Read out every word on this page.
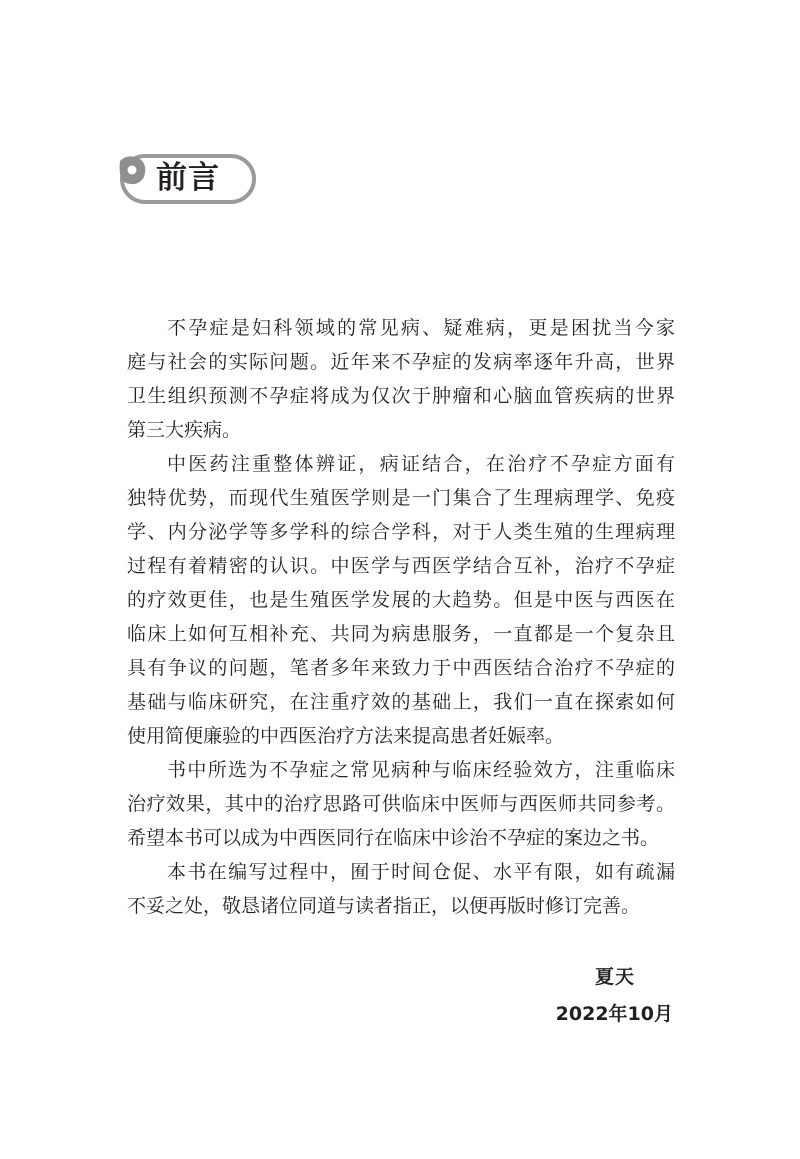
前言
不孕症是妇科领域的常见病、疑难病，更是困扰当今家
庭与社会的实际问题。近年来不孕症的发病率逐年升高，世界
卫生组织预测不孕症将成为仅次于肿瘤和心脑血管疾病的世界
第三大疾病。
中医药注重整体辨证，病证结合，在治疗不孕症方面有
独特优势，而现代生殖医学则是一门集合了生理病理学、免疫
学、内分泌学等多学科的综合学科，对于人类生殖的生理病理
过程有着精密的认识。中医学与西医学结合互补，治疗不孕症
的疗效更佳，也是生殖医学发展的大趋势。但是中医与西医在
临床上如何互相补充、共同为病患服务，一直都是一个复杂且
具有争议的问题，笔者多年来致力于中西医结合治疗不孕症的
基础与临床研究，在注重疗效的基础上，我们一直在探索如何
使用简便廉验的中西医治疗方法来提高患者妊娠率。
书中所选为不孕症之常见病种与临床经验效方，注重临床
治疗效果，其中的治疗思路可供临床中医师与西医师共同参考。
希望本书可以成为中西医同行在临床中诊治不孕症的案边之书。
本书在编写过程中，囿于时间仓促、水平有限，如有疏漏
不妥之处，敬恳诸位同道与读者指正，以便再版时修订完善。
夏天
2022年10月
